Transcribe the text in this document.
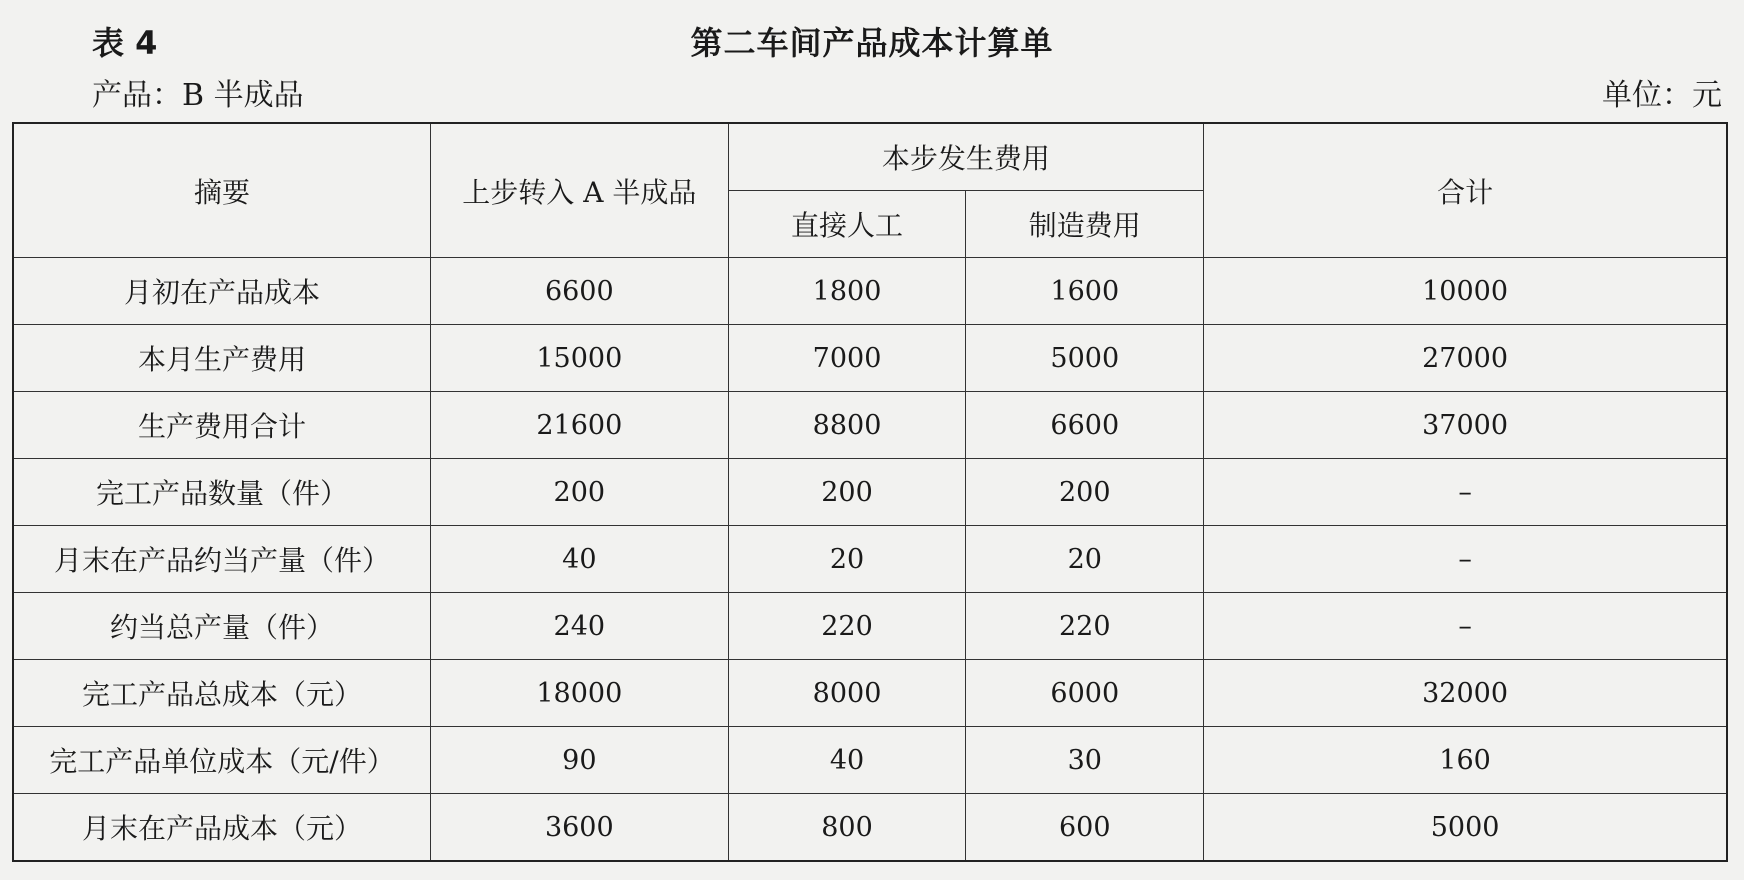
表 4	第二车间产品成本计算单
产品：B 半成品	单位：元
摘要	上步转入 A 半成品	本步发生费用		合计
		直接人工	制造费用	
月初在产品成本	6600	1800	1600	10000
本月生产费用	15000	7000	5000	27000
生产费用合计	21600	8800	6600	37000
完工产品数量（件）	200	200	200	–
月末在产品约当产量（件）	40	20	20	–
约当总产量（件）	240	220	220	–
完工产品总成本（元）	18000	8000	6000	32000
完工产品单位成本（元/件）	90	40	30	160
月末在产品成本（元）	3600	800	600	5000
